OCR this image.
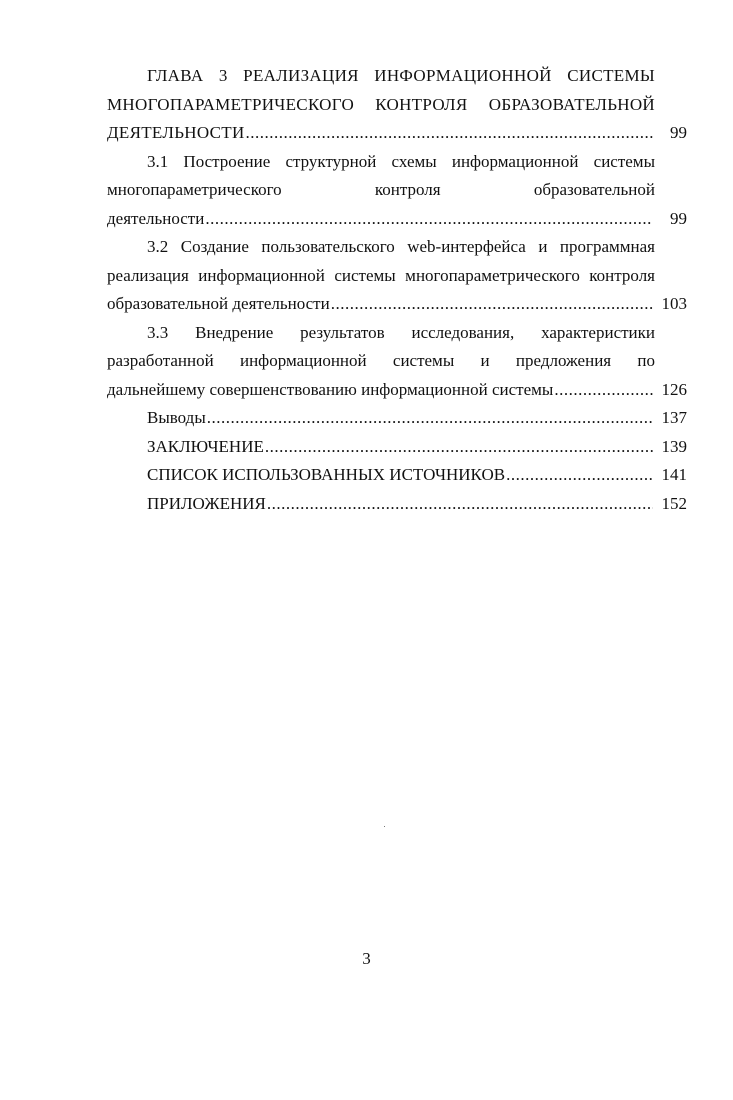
ГЛАВА 3 РЕАЛИЗАЦИЯ ИНФОРМАЦИОННОЙ СИСТЕМЫ
МНОГОПАРАМЕТРИЧЕСКОГО КОНТРОЛЯ ОБРАЗОВАТЕЛЬНОЙ
ДЕЯТЕЛЬНОСТИ .....	99
3.1 Построение структурной схемы информационной системы
многопараметрического контроля образовательной
деятельности .....	99
3.2 Создание пользовательского web-интерфейса и программная
реализация информационной системы многопараметрического контроля
образовательной деятельности .....	103
3.3 Внедрение результатов исследования, характеристики
разработанной информационной системы и предложения по
дальнейшему совершенствованию информационной системы .....	126
Выводы .....	137
ЗАКЛЮЧЕНИЕ .....	139
СПИСОК ИСПОЛЬЗОВАННЫХ ИСТОЧНИКОВ .....	141
ПРИЛОЖЕНИЯ .....	152
3
